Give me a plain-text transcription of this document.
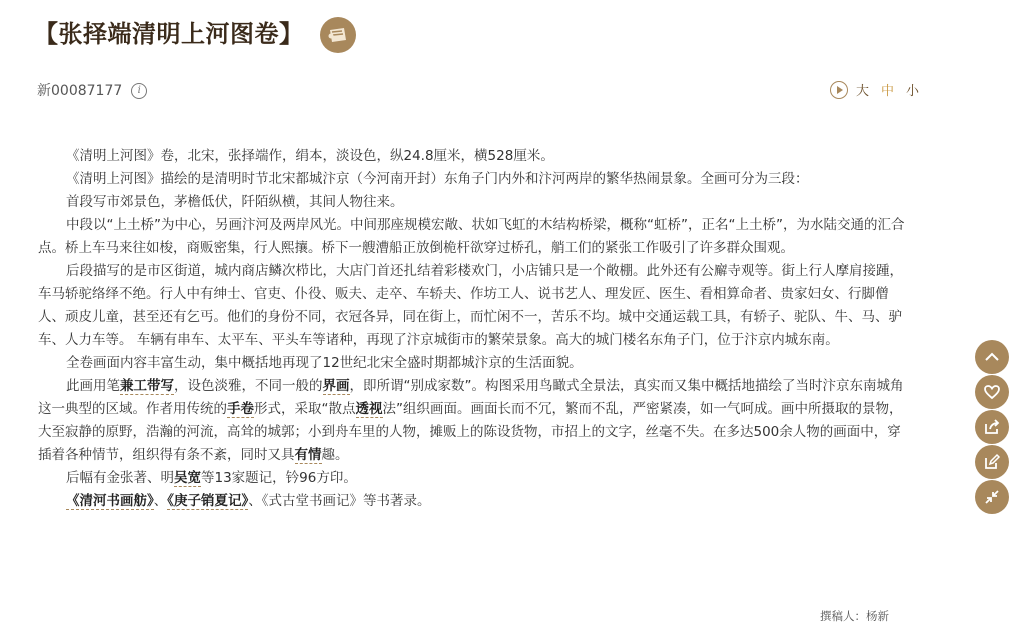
【张择端清明上河图卷】
新00087177	i	大 中 小

《清明上河图》卷，北宋，张择端作，绢本，淡设色，纵24.8厘米，横528厘米。

《清明上河图》描绘的是清明时节北宋都城汴京（今河南开封）东角子门内外和汴河两岸的繁华热闹景象。全画可分为三段：

首段写市郊景色，茅檐低伏，阡陌纵横，其间人物往来。

中段以“上土桥”为中心，另画汴河及两岸风光。中间那座规模宏敞、状如飞虹的木结构桥梁，概称“虹桥”，正名“上土桥”，为水陆交通的汇合点。桥上车马来往如梭，商贩密集，行人熙攘。桥下一艘漕船正放倒桅杆欲穿过桥孔，艄工们的紧张工作吸引了许多群众围观。

后段描写的是市区街道，城内商店鳞次栉比，大店门首还扎结着彩楼欢门，小店铺只是一个敞棚。此外还有公廨寺观等。街上行人摩肩接踵，车马轿驼络绎不绝。行人中有绅士、官吏、仆役、贩夫、走卒、车轿夫、作坊工人、说书艺人、理发匠、医生、看相算命者、贵家妇女、行脚僧人、顽皮儿童，甚至还有乞丐。他们的身份不同，衣冠各异，同在街上，而忙闲不一，苦乐不均。城中交通运载工具，有轿子、驼队、牛、马、驴车、人力车等。 车辆有串车、太平车、平头车等诸种，再现了汴京城街市的繁荣景象。高大的城门楼名东角子门，位于汴京内城东南。

全卷画面内容丰富生动，集中概括地再现了12世纪北宋全盛时期都城汴京的生活面貌。

此画用笔兼工带写，设色淡雅，不同一般的界画，即所谓“别成家数”。构图采用鸟瞰式全景法，真实而又集中概括地描绘了当时汴京东南城角这一典型的区域。作者用传统的手卷形式，采取“散点透视法”组织画面。画面长而不冗，繁而不乱，严密紧凑，如一气呵成。画中所摄取的景物，大至寂静的原野，浩瀚的河流，高耸的城郭；小到舟车里的人物，摊贩上的陈设货物，市招上的文字，丝毫不失。在多达500余人物的画面中，穿插着各种情节，组织得有条不紊，同时又具有情趣。

后幅有金张著、明吴宽等13家题记，钤96方印。

《清河书画舫》、《庚子销夏记》、《式古堂书画记》等书著录。

撰稿人：杨新
